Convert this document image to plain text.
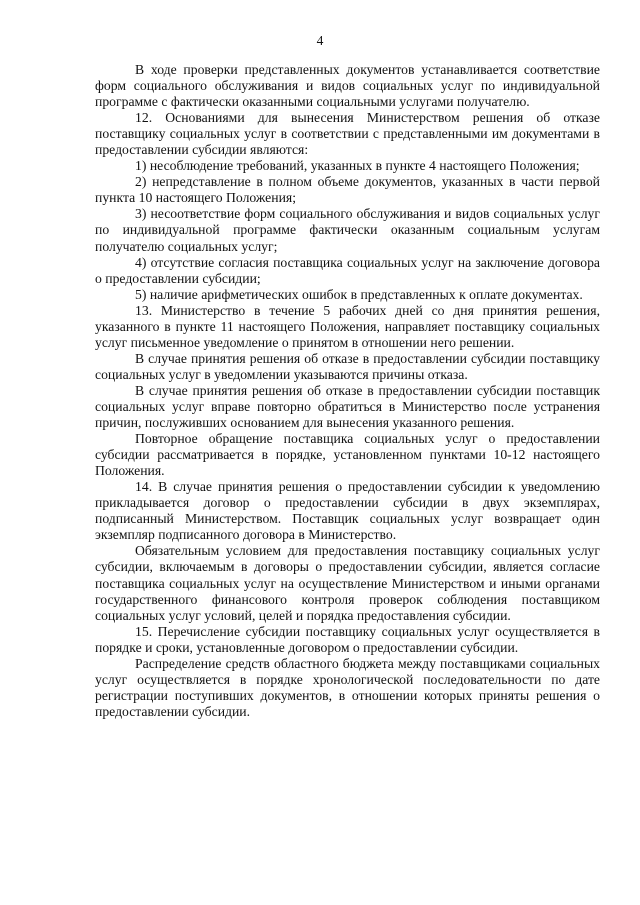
4

В ходе проверки представленных документов устанавливается соответствие форм социального обслуживания и видов социальных услуг по индивидуальной программе с фактически оказанными социальными услугами получателю.

12. Основаниями для вынесения Министерством решения об отказе поставщику социальных услуг в соответствии с представленными им документами в предоставлении субсидии являются:

1) несоблюдение требований, указанных в пункте 4 настоящего Положения;

2) непредставление в полном объеме документов, указанных в части первой пункта 10 настоящего Положения;

3) несоответствие форм социального обслуживания и видов социальных услуг по индивидуальной программе фактически оказанным социальным услугам получателю социальных услуг;

4) отсутствие согласия поставщика социальных услуг на заключение договора о предоставлении субсидии;

5) наличие арифметических ошибок в представленных к оплате документах.

13. Министерство в течение 5 рабочих дней со дня принятия решения, указанного в пункте 11 настоящего Положения, направляет поставщику социальных услуг письменное уведомление о принятом в отношении него решении.

В случае принятия решения об отказе в предоставлении субсидии поставщику социальных услуг в уведомлении указываются причины отказа.

В случае принятия решения об отказе в предоставлении субсидии поставщик социальных услуг вправе повторно обратиться в Министерство после устранения причин, послуживших основанием для вынесения указанного решения.

Повторное обращение поставщика социальных услуг о предоставлении субсидии рассматривается в порядке, установленном пунктами 10-12 настоящего Положения.

14. В случае принятия решения о предоставлении субсидии к уведомлению прикладывается договор о предоставлении субсидии в двух экземплярах, подписанный Министерством. Поставщик социальных услуг возвращает один экземпляр подписанного договора в Министерство.

Обязательным условием для предоставления поставщику социальных услуг субсидии, включаемым в договоры о предоставлении субсидии, является согласие поставщика социальных услуг на осуществление Министерством и иными органами государственного финансового контроля проверок соблюдения поставщиком социальных услуг условий, целей и порядка предоставления субсидии.

15. Перечисление субсидии поставщику социальных услуг осуществляется в порядке и сроки, установленные договором о предоставлении субсидии.

Распределение средств областного бюджета между поставщиками социальных услуг осуществляется в порядке хронологической последовательности по дате регистрации поступивших документов, в отношении которых приняты решения о предоставлении субсидии.
